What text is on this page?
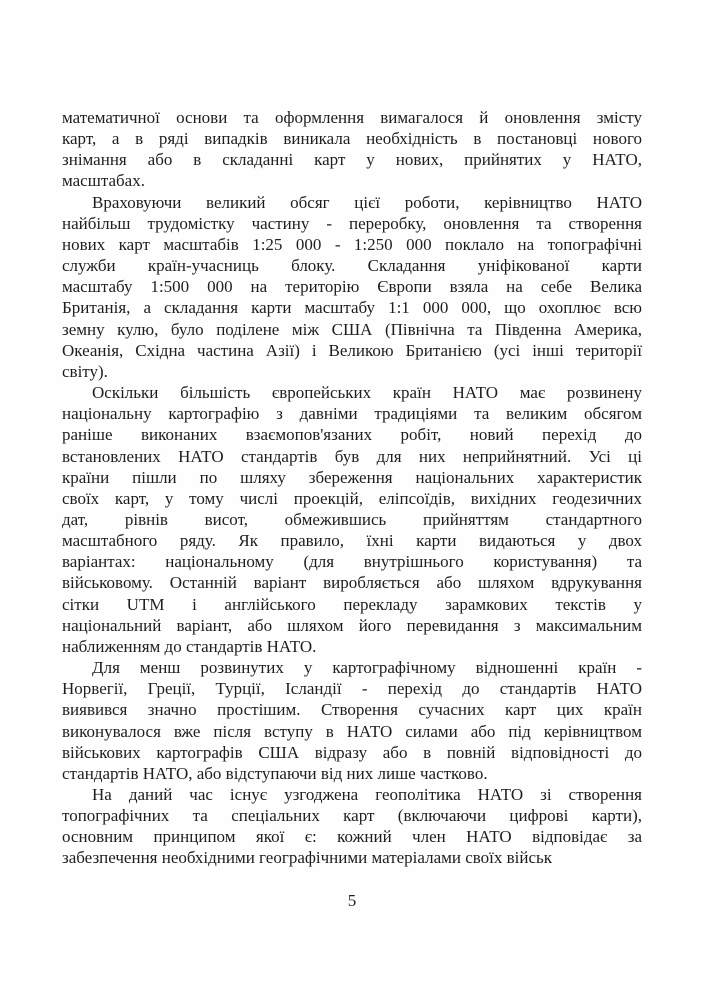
математичної основи та оформлення вимагалося й оновлення змісту
карт, а в ряді випадків виникала необхідність в постановці нового
знімання або в складанні карт у нових, прийнятих у НАТО,
масштабах.

Враховуючи великий обсяг цієї роботи, керівництво НАТО
найбільш трудомістку частину - переробку, оновлення та створення
нових карт масштабів 1:25 000 - 1:250 000 поклало на топографічні
служби країн-учасниць блоку. Складання уніфікованої карти
масштабу 1:500 000 на територію Європи взяла на себе Велика
Британія, а складання карти масштабу 1:1 000 000, що охоплює всю
земну кулю, було поділене між США (Північна та Південна Америка,
Океанія, Східна частина Азії) і Великою Британією (усі інші території
світу).

Оскільки більшість європейських країн НАТО має розвинену
національну картографію з давніми традиціями та великим обсягом
раніше виконаних взаємопов'язаних робіт, новий перехід до
встановлених НАТО стандартів був для них неприйнятний. Усі ці
країни пішли по шляху збереження національних характеристик
своїх карт, у тому числі проекцій, еліпсоїдів, вихідних геодезичних
дат, рівнів висот, обмежившись прийняттям стандартного
масштабного ряду. Як правило, їхні карти видаються у двох
варіантах: національному (для внутрішнього користування) та
військовому. Останній варіант виробляється або шляхом вдрукування
сітки UTM і англійського перекладу зарамкових текстів у
національний варіант, або шляхом його перевидання з максимальним
наближенням до стандартів НАТО.

Для менш розвинутих у картографічному відношенні країн -
Норвегії, Греції, Турції, Ісландії - перехід до стандартів НАТО
виявився значно простішим. Створення сучасних карт цих країн
виконувалося вже після вступу в НАТО силами або під керівництвом
військових картографів США відразу або в повній відповідності до
стандартів НАТО, або відступаючи від них лише частково.

На даний час існує узгоджена геополітика НАТО зі створення
топографічних та спеціальних карт (включаючи цифрові карти),
основним принципом якої є: кожний член НАТО відповідає за
забезпечення необхідними географічними матеріалами своїх військ

5
